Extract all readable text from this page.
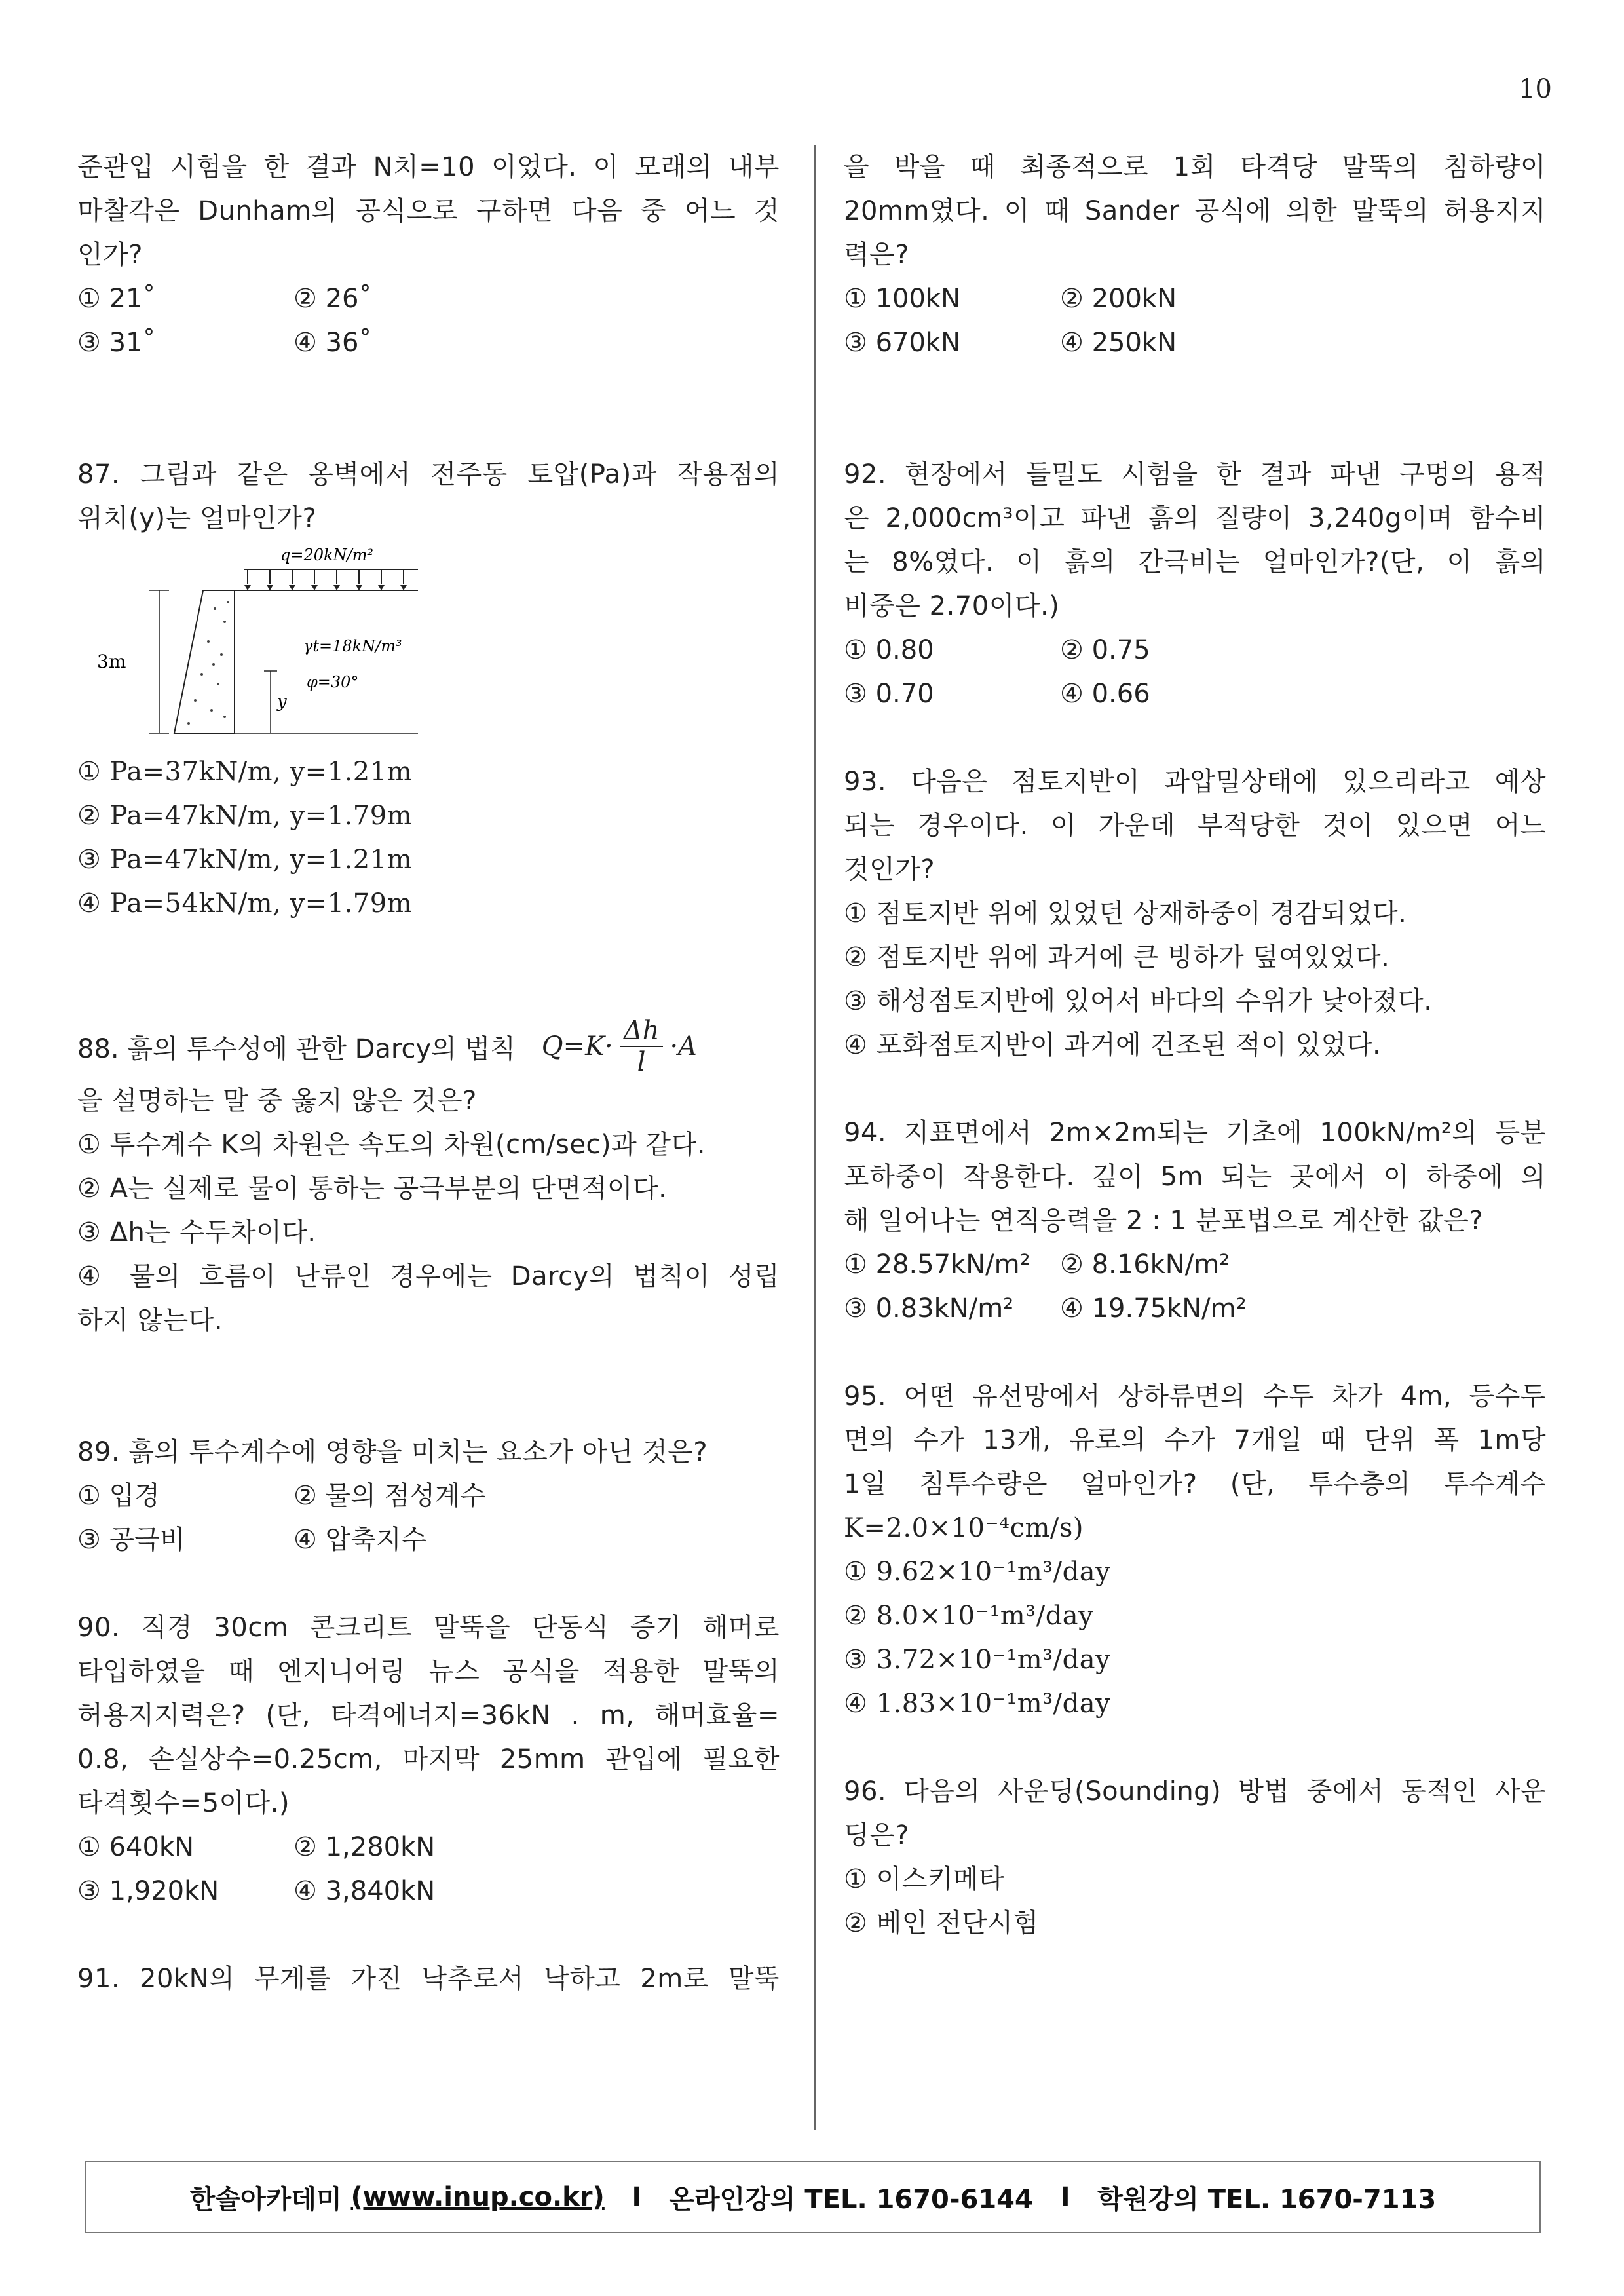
10
준관입 시험을 한 결과 N치=10 이었다. 이 모래의 내부
마찰각은 Dunham의 공식으로 구하면 다음 중 어느 것
인가?
① 21˚	② 26˚
③ 31˚	④ 36˚
87. 그림과 같은 옹벽에서 전주동 토압(Pa)과 작용점의
위치(y)는 얼마인가?
q=20kN/m²
3m
γt=18kN/m³
φ=30°
y
① Pa=37kN/m, y=1.21m
② Pa=47kN/m, y=1.79m
③ Pa=47kN/m, y=1.21m
④ Pa=54kN/m, y=1.79m
88. 흙의 투수성에 관한 Darcy의 법칙 $Q=K\cdot \frac{\Delta h}{l} \cdot A$
을 설명하는 말 중 옳지 않은 것은?
① 투수계수 K의 차원은 속도의 차원(cm/sec)과 같다.
② A는 실제로 물이 통하는 공극부분의 단면적이다.
③ Δh는 수두차이다.
④ 물의 흐름이 난류인 경우에는 Darcy의 법칙이 성립
하지 않는다.
89. 흙의 투수계수에 영향을 미치는 요소가 아닌 것은?
① 입경	② 물의 점성계수
③ 공극비	④ 압축지수
90. 직경 30cm 콘크리트 말뚝을 단동식 증기 해머로
타입하였을 때 엔지니어링 뉴스 공식을 적용한 말뚝의
허용지지력은? (단, 타격에너지=36kN . m, 해머효율=
0.8, 손실상수=0.25cm, 마지막 25mm 관입에 필요한
타격횟수=5이다.)
① 640kN	② 1,280kN
③ 1,920kN	④ 3,840kN
91. 20kN의 무게를 가진 낙추로서 낙하고 2m로 말뚝
을 박을 때 최종적으로 1회 타격당 말뚝의 침하량이
20mm였다. 이 때 Sander 공식에 의한 말뚝의 허용지지
력은?
① 100kN	② 200kN
③ 670kN	④ 250kN
92. 현장에서 들밀도 시험을 한 결과 파낸 구멍의 용적
은 2,000cm³이고 파낸 흙의 질량이 3,240g이며 함수비
는 8%였다. 이 흙의 간극비는 얼마인가?(단, 이 흙의
비중은 2.70이다.)
① 0.80	② 0.75
③ 0.70	④ 0.66
93. 다음은 점토지반이 과압밀상태에 있으리라고 예상
되는 경우이다. 이 가운데 부적당한 것이 있으면 어느
것인가?
① 점토지반 위에 있었던 상재하중이 경감되었다.
② 점토지반 위에 과거에 큰 빙하가 덮여있었다.
③ 해성점토지반에 있어서 바다의 수위가 낮아졌다.
④ 포화점토지반이 과거에 건조된 적이 있었다.
94. 지표면에서 2m×2m되는 기초에 100kN/m²의 등분
포하중이 작용한다. 깊이 5m 되는 곳에서 이 하중에 의
해 일어나는 연직응력을 2 : 1 분포법으로 계산한 값은?
① 28.57kN/m²	② 8.16kN/m²
③ 0.83kN/m²	④ 19.75kN/m²
95. 어떤 유선망에서 상하류면의 수두 차가 4m, 등수두
면의 수가 13개, 유로의 수가 7개일 때 단위 폭 1m당
1일 침투수량은 얼마인가? (단, 투수층의 투수계수
K=2.0×10⁻⁴cm/s)
① 9.62×10⁻¹m³/day
② 8.0×10⁻¹m³/day
③ 3.72×10⁻¹m³/day
④ 1.83×10⁻¹m³/day
96. 다음의 사운딩(Sounding) 방법 중에서 동적인 사운
딩은?
① 이스키메타
② 베인 전단시험
한솔아카데미 (www.inup.co.kr) I 온라인강의 TEL. 1670-6144 I 학원강의 TEL. 1670-7113
